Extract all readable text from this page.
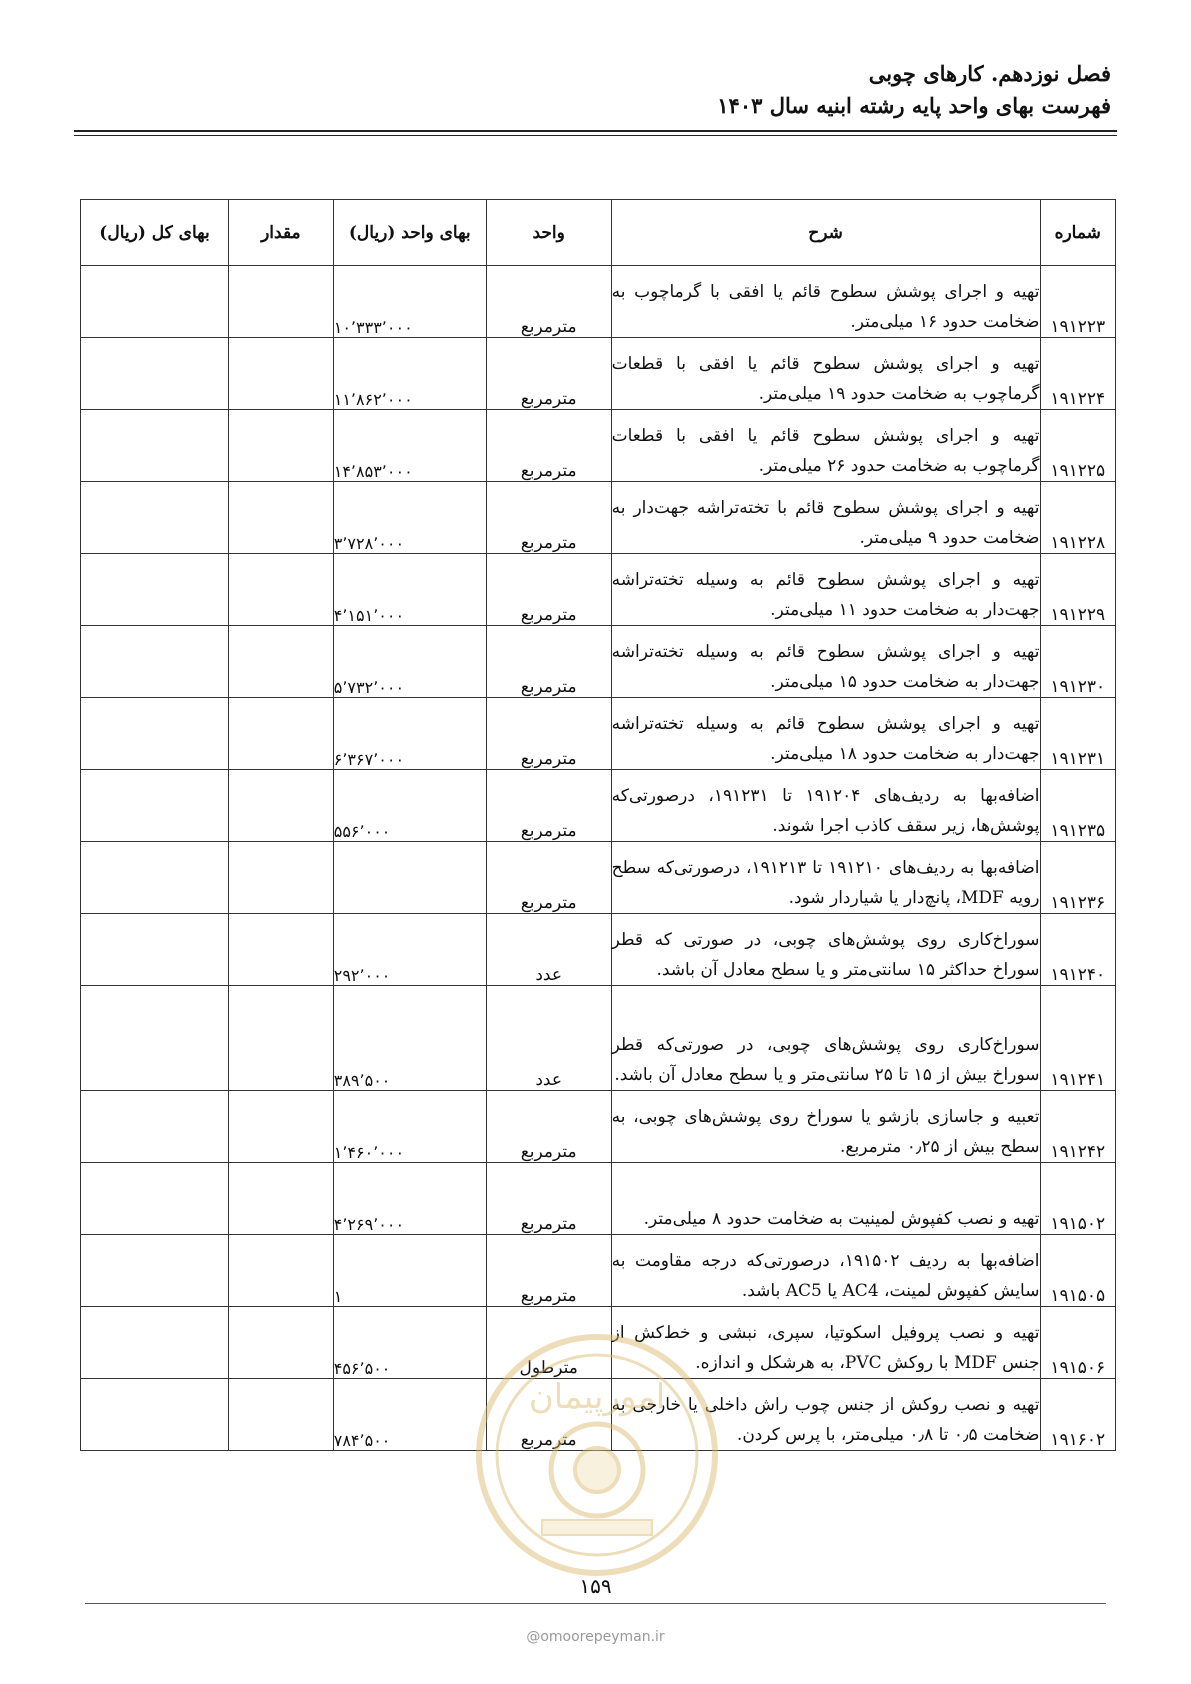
فصل نوزدهم. کارهای چوبی
فهرست بهای واحد پایه رشته ابنیه سال ۱۴۰۳
شماره	شرح	واحد	بهای واحد (ریال)	مقدار	بهای کل (ریال)
۱۹۱۲۲۳	تهیه و اجرای پوشش سطوح قائم یا افقی با گرماچوب به ضخامت حدود ۱۶ میلی‌متر.	مترمربع	۱۰٬۳۳۳٬۰۰۰		
۱۹۱۲۲۴	تهیه و اجرای پوشش سطوح قائم یا افقی با قطعات گرماچوب به ضخامت حدود ۱۹ میلی‌متر.	مترمربع	۱۱٬۸۶۲٬۰۰۰		
۱۹۱۲۲۵	تهیه و اجرای پوشش سطوح قائم یا افقی با قطعات گرماچوب به ضخامت حدود ۲۶ میلی‌متر.	مترمربع	۱۴٬۸۵۳٬۰۰۰		
۱۹۱۲۲۸	تهیه و اجرای پوشش سطوح قائم با تخته‌تراشه جهت‌دار به ضخامت حدود ۹ میلی‌متر.	مترمربع	۳٬۷۲۸٬۰۰۰		
۱۹۱۲۲۹	تهیه و اجرای پوشش سطوح قائم به وسیله تخته‌تراشه جهت‌دار به ضخامت حدود ۱۱ میلی‌متر.	مترمربع	۴٬۱۵۱٬۰۰۰		
۱۹۱۲۳۰	تهیه و اجرای پوشش سطوح قائم به وسیله تخته‌تراشه جهت‌دار به ضخامت حدود ۱۵ میلی‌متر.	مترمربع	۵٬۷۳۲٬۰۰۰		
۱۹۱۲۳۱	تهیه و اجرای پوشش سطوح قائم به وسیله تخته‌تراشه جهت‌دار به ضخامت حدود ۱۸ میلی‌متر.	مترمربع	۶٬۳۶۷٬۰۰۰		
۱۹۱۲۳۵	اضافه‌بها به ردیف‌های ۱۹۱۲۰۴ تا ۱۹۱۲۳۱، درصورتی‌که پوشش‌ها، زیر سقف کاذب اجرا شوند.	مترمربع	۵۵۶٬۰۰۰		
۱۹۱۲۳۶	اضافه‌بها به ردیف‌های ۱۹۱۲۱۰ تا ۱۹۱۲۱۳، درصورتی‌که سطح رویه MDF، پانچ‌دار یا شیاردار شود.	مترمربع			
۱۹۱۲۴۰	سوراخ‌کاری روی پوشش‌های چوبی، در صورتی که قطر سوراخ حداکثر ۱۵ سانتی‌متر و یا سطح معادل آن باشد.	عدد	۲۹۲٬۰۰۰		
۱۹۱۲۴۱	سوراخ‌کاری روی پوشش‌های چوبی، در صورتی‌که قطر سوراخ بیش از ۱۵ تا ۲۵ سانتی‌متر و یا سطح معادل آن باشد.	عدد	۳۸۹٬۵۰۰		
۱۹۱۲۴۲	تعبیه و جاسازی بازشو یا سوراخ روی پوشش‌های چوبی، به سطح بیش از ۰٫۲۵ مترمربع.	مترمربع	۱٬۴۶۰٬۰۰۰		
۱۹۱۵۰۲	تهیه و نصب کفپوش لمینیت به ضخامت حدود ۸ میلی‌متر.	مترمربع	۴٬۲۶۹٬۰۰۰		
۱۹۱۵۰۵	اضافه‌بها به ردیف ۱۹۱۵۰۲، درصورتی‌که درجه مقاومت به سایش کفپوش لمینت، AC4 یا AC5 باشد.	مترمربع	۱		
۱۹۱۵۰۶	تهیه و نصب پروفیل اسکوتیا، سپری، نبشی و خط‌کش از جنس MDF با روکش PVC، به هرشکل و اندازه.	مترطول	۴۵۶٬۵۰۰		
۱۹۱۶۰۲	تهیه و نصب روکش از جنس چوب راش داخلی یا خارجی به ضخامت ۰٫۵ تا ۰٫۸ میلی‌متر، با پرس کردن.	مترمربع	۷۸۴٬۵۰۰		
امورپیمان
۱۵۹
@omoorepeyman.ir
